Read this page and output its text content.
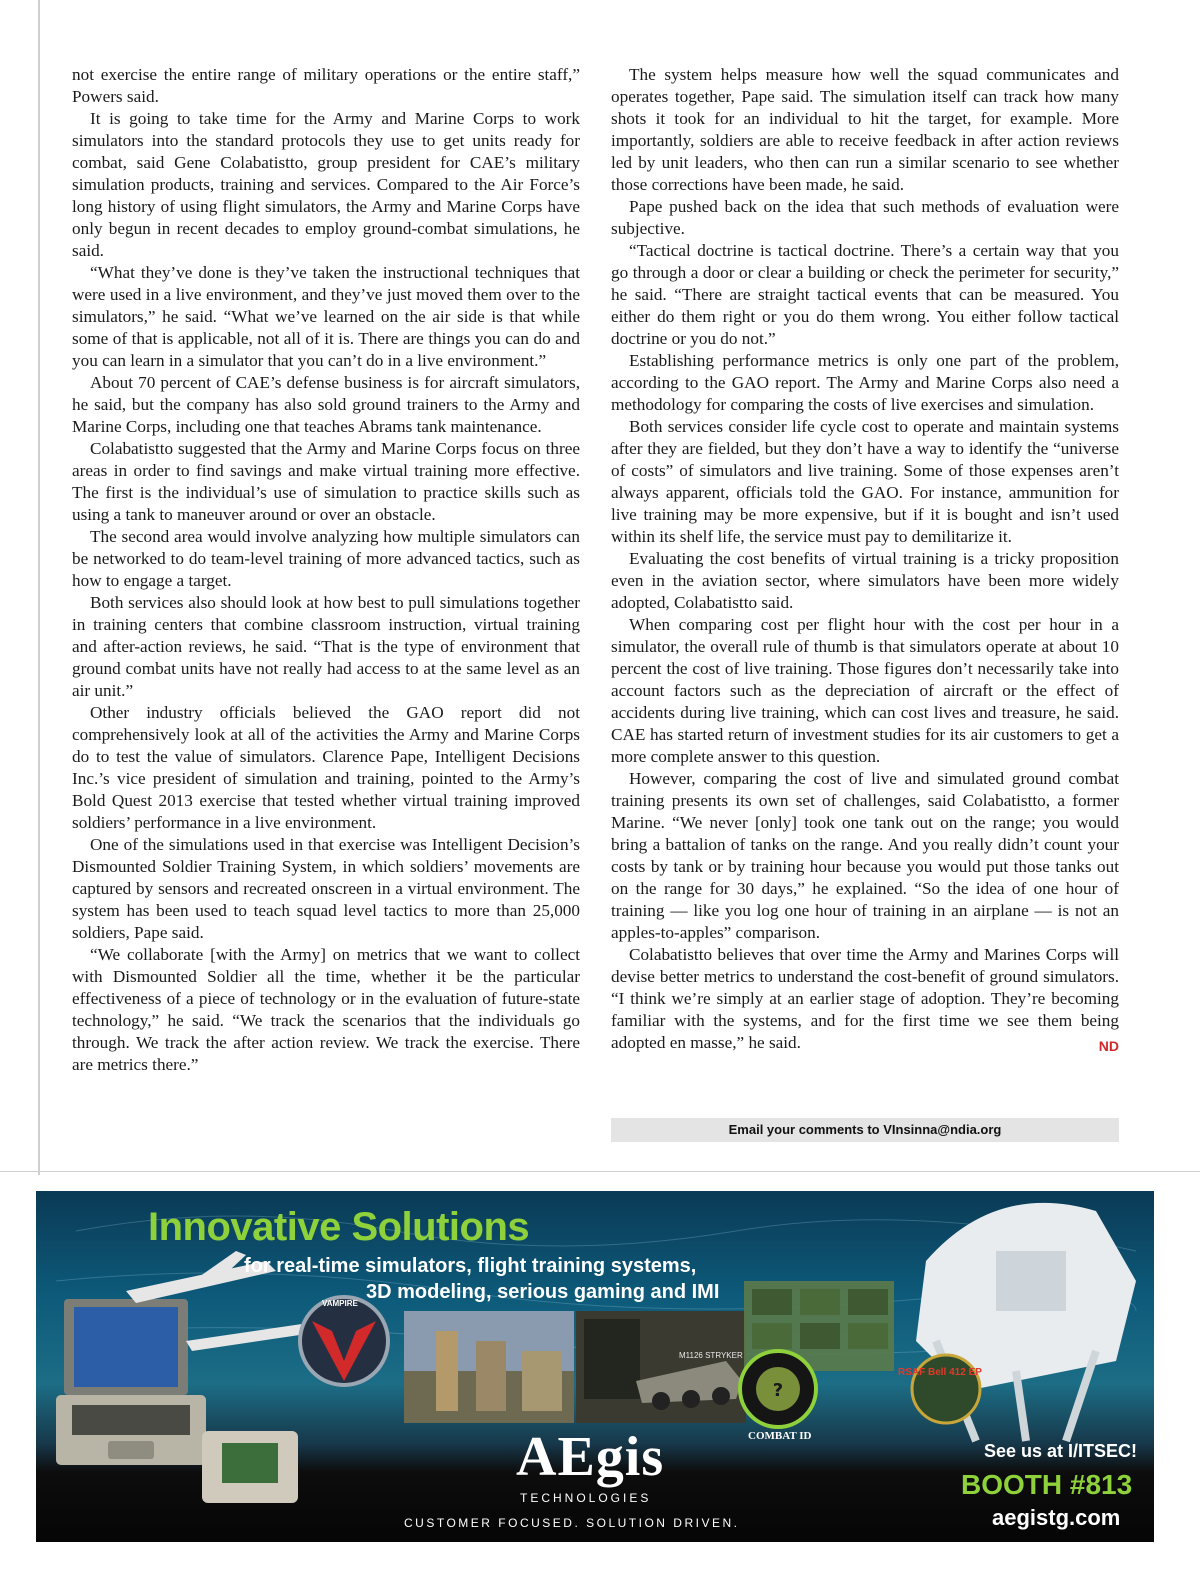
not exercise the entire range of military operations or the entire staff,” Powers said.

It is going to take time for the Army and Marine Corps to work simulators into the standard protocols they use to get units ready for combat, said Gene Colabatistto, group president for CAE’s military simulation products, training and services. Compared to the Air Force’s long history of using flight simulators, the Army and Marine Corps have only begun in recent decades to employ ground-combat simulations, he said.

“What they’ve done is they’ve taken the instructional techniques that were used in a live environment, and they’ve just moved them over to the simulators,” he said. “What we’ve learned on the air side is that while some of that is applicable, not all of it is. There are things you can do and you can learn in a simulator that you can’t do in a live environment.”

About 70 percent of CAE’s defense business is for aircraft simulators, he said, but the company has also sold ground trainers to the Army and Marine Corps, including one that teaches Abrams tank maintenance.

Colabatistto suggested that the Army and Marine Corps focus on three areas in order to find savings and make virtual training more effective. The first is the individual’s use of simulation to practice skills such as using a tank to maneuver around or over an obstacle.

The second area would involve analyzing how multiple simulators can be networked to do team-level training of more advanced tactics, such as how to engage a target.

Both services also should look at how best to pull simulations together in training centers that combine classroom instruction, virtual training and after-action reviews, he said. “That is the type of environment that ground combat units have not really had access to at the same level as an air unit.”

Other industry officials believed the GAO report did not comprehensively look at all of the activities the Army and Marine Corps do to test the value of simulators. Clarence Pape, Intelligent Decisions Inc.’s vice president of simulation and training, pointed to the Army’s Bold Quest 2013 exercise that tested whether virtual training improved soldiers’ performance in a live environment.

One of the simulations used in that exercise was Intelligent Decision’s Dismounted Soldier Training System, in which soldiers’ movements are captured by sensors and recreated onscreen in a virtual environment. The system has been used to teach squad level tactics to more than 25,000 soldiers, Pape said.

“We collaborate [with the Army] on metrics that we want to collect with Dismounted Soldier all the time, whether it be the particular effectiveness of a piece of technology or in the evaluation of future-state technology,” he said. “We track the scenarios that the individuals go through. We track the after action review. We track the exercise. There are metrics there.”

The system helps measure how well the squad communicates and operates together, Pape said. The simulation itself can track how many shots it took for an individual to hit the target, for example. More importantly, soldiers are able to receive feedback in after action reviews led by unit leaders, who then can run a similar scenario to see whether those corrections have been made, he said.

Pape pushed back on the idea that such methods of evaluation were subjective.

“Tactical doctrine is tactical doctrine. There’s a certain way that you go through a door or clear a building or check the perimeter for security,” he said. “There are straight tactical events that can be measured. You either do them right or you do them wrong. You either follow tactical doctrine or you do not.”

Establishing performance metrics is only one part of the problem, according to the GAO report. The Army and Marine Corps also need a methodology for comparing the costs of live exercises and simulation.

Both services consider life cycle cost to operate and maintain systems after they are fielded, but they don’t have a way to identify the “universe of costs” of simulators and live training. Some of those expenses aren’t always apparent, officials told the GAO. For instance, ammunition for live training may be more expensive, but if it is bought and isn’t used within its shelf life, the service must pay to demilitarize it.

Evaluating the cost benefits of virtual training is a tricky proposition even in the aviation sector, where simulators have been more widely adopted, Colabatistto said.

When comparing cost per flight hour with the cost per hour in a simulator, the overall rule of thumb is that simulators operate at about 10 percent the cost of live training. Those figures don’t necessarily take into account factors such as the depreciation of aircraft or the effect of accidents during live training, which can cost lives and treasure, he said. CAE has started return of investment studies for its air customers to get a more complete answer to this question.

However, comparing the cost of live and simulated ground combat training presents its own set of challenges, said Colabatistto, a former Marine. “We never [only] took one tank out on the range; you would bring a battalion of tanks on the range. And you really didn’t count your costs by tank or by training hour because you would put those tanks out on the range for 30 days,” he explained. “So the idea of one hour of training — like you log one hour of training in an airplane — is not an apples-to-apples” comparison.

Colabatistto believes that over time the Army and Marines Corps will devise better metrics to understand the cost-benefit of ground simulators. “I think we’re simply at an earlier stage of adoption. They’re becoming familiar with the systems, and for the first time we see them being adopted en masse,” he said.	ND

Email your comments to VInsinna@ndia.org
?
Innovative Solutions
for real-time simulators, flight training systems,
3D modeling, serious gaming and IMI
VAMPIRE
M1126 STRYKER
RSAF Bell 412 EP
COMBAT ID
AEgis
TECHNOLOGIES
CUSTOMER FOCUSED. SOLUTION DRIVEN.
See us at I/ITSEC!
BOOTH #813
aegistg.com
